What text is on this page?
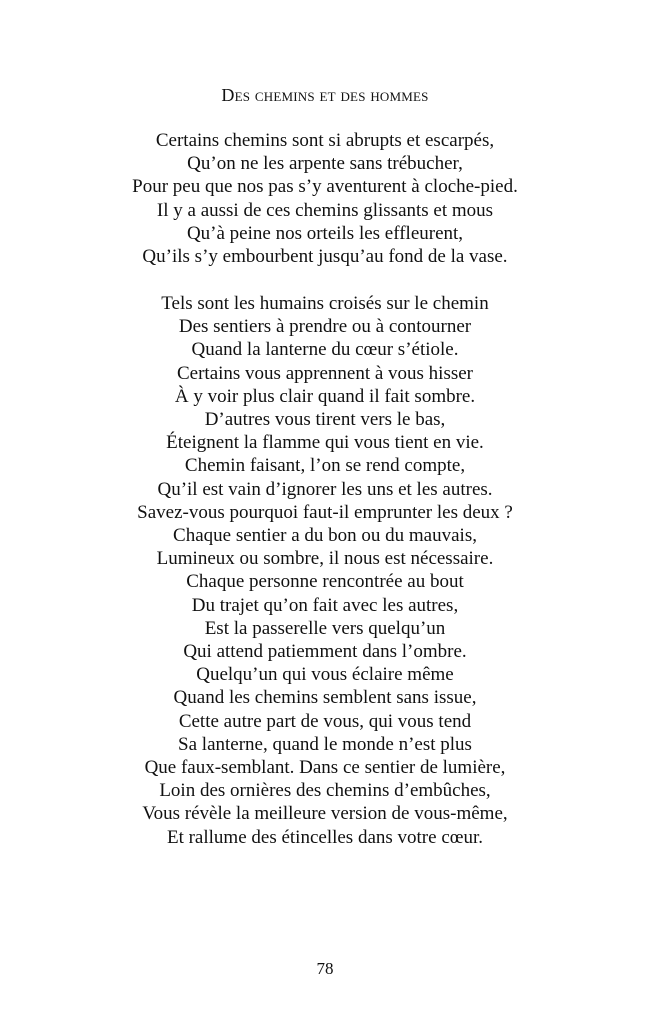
Des chemins et des hommes
Certains chemins sont si abrupts et escarpés,
Qu’on ne les arpente sans trébucher,
Pour peu que nos pas s’y aventurent à cloche-pied.
Il y a aussi de ces chemins glissants et mous
Qu’à peine nos orteils les effleurent,
Qu’ils s’y embourbent jusqu’au fond de la vase.
Tels sont les humains croisés sur le chemin
Des sentiers à prendre ou à contourner
Quand la lanterne du cœur s’étiole.
Certains vous apprennent à vous hisser
À y voir plus clair quand il fait sombre.
D’autres vous tirent vers le bas,
Éteignent la flamme qui vous tient en vie.
Chemin faisant, l’on se rend compte,
Qu’il est vain d’ignorer les uns et les autres.
Savez-vous pourquoi faut-il emprunter les deux ?
Chaque sentier a du bon ou du mauvais,
Lumineux ou sombre, il nous est nécessaire.
Chaque personne rencontrée au bout
Du trajet qu’on fait avec les autres,
Est la passerelle vers quelqu’un
Qui attend patiemment dans l’ombre.
Quelqu’un qui vous éclaire même
Quand les chemins semblent sans issue,
Cette autre part de vous, qui vous tend
Sa lanterne, quand le monde n’est plus
Que faux-semblant. Dans ce sentier de lumière,
Loin des ornières des chemins d’embûches,
Vous révèle la meilleure version de vous-même,
Et rallume des étincelles dans votre cœur.
78
